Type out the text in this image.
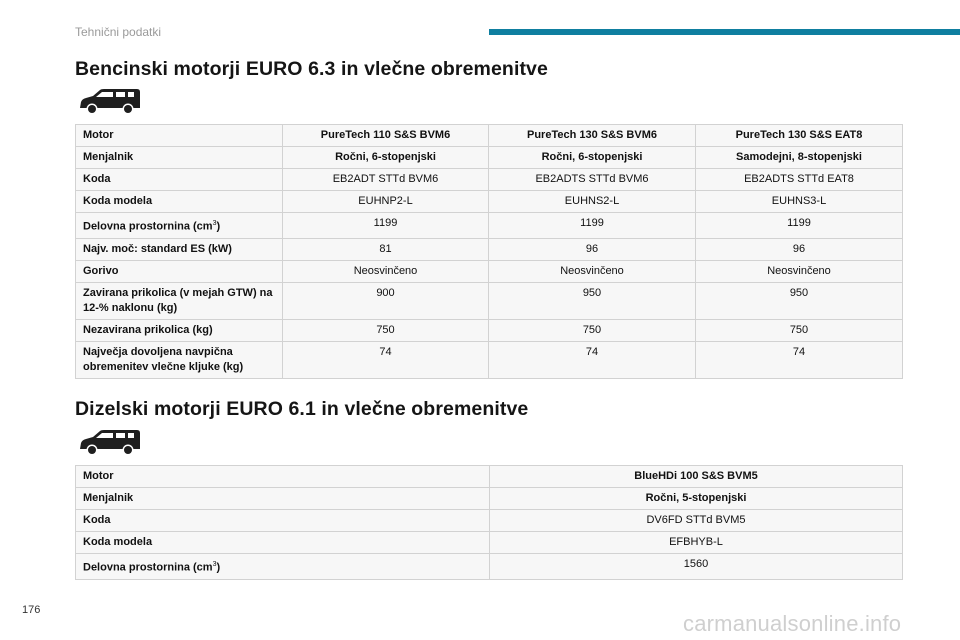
Tehnični podatki
Bencinski motorji EURO 6.3 in vlečne obremenitve
Motor	PureTech 110 S&S BVM6	PureTech 130 S&S BVM6	PureTech 130 S&S EAT8
Menjalnik	Ročni, 6-stopenjski	Ročni, 6-stopenjski	Samodejni, 8-stopenjski
Koda	EB2ADT STTd BVM6	EB2ADTS STTd BVM6	EB2ADTS STTd EAT8
Koda modela	EUHNP2-L	EUHNS2-L	EUHNS3-L
Delovna prostornina $(cm^3)$	1199	1199	1199
Najv. moč: standard ES (kW)	81	96	96
Gorivo	Neosvinčeno	Neosvinčeno	Neosvinčeno
Zavirana prikolica (v mejah GTW) na 12-% naklonu (kg)	900	950	950
Nezavirana prikolica (kg)	750	750	750
Največja dovoljena navpična obremenitev vlečne kljuke (kg)	74	74	74
Dizelski motorji EURO 6.1 in vlečne obremenitve
Motor	BlueHDi 100 S&S BVM5
Menjalnik	Ročni, 5-stopenjski
Koda	DV6FD STTd BVM5
Koda modela	EFBHYB-L
Delovna prostornina $(cm^3)$	1560
176
carmanualsonline.info
